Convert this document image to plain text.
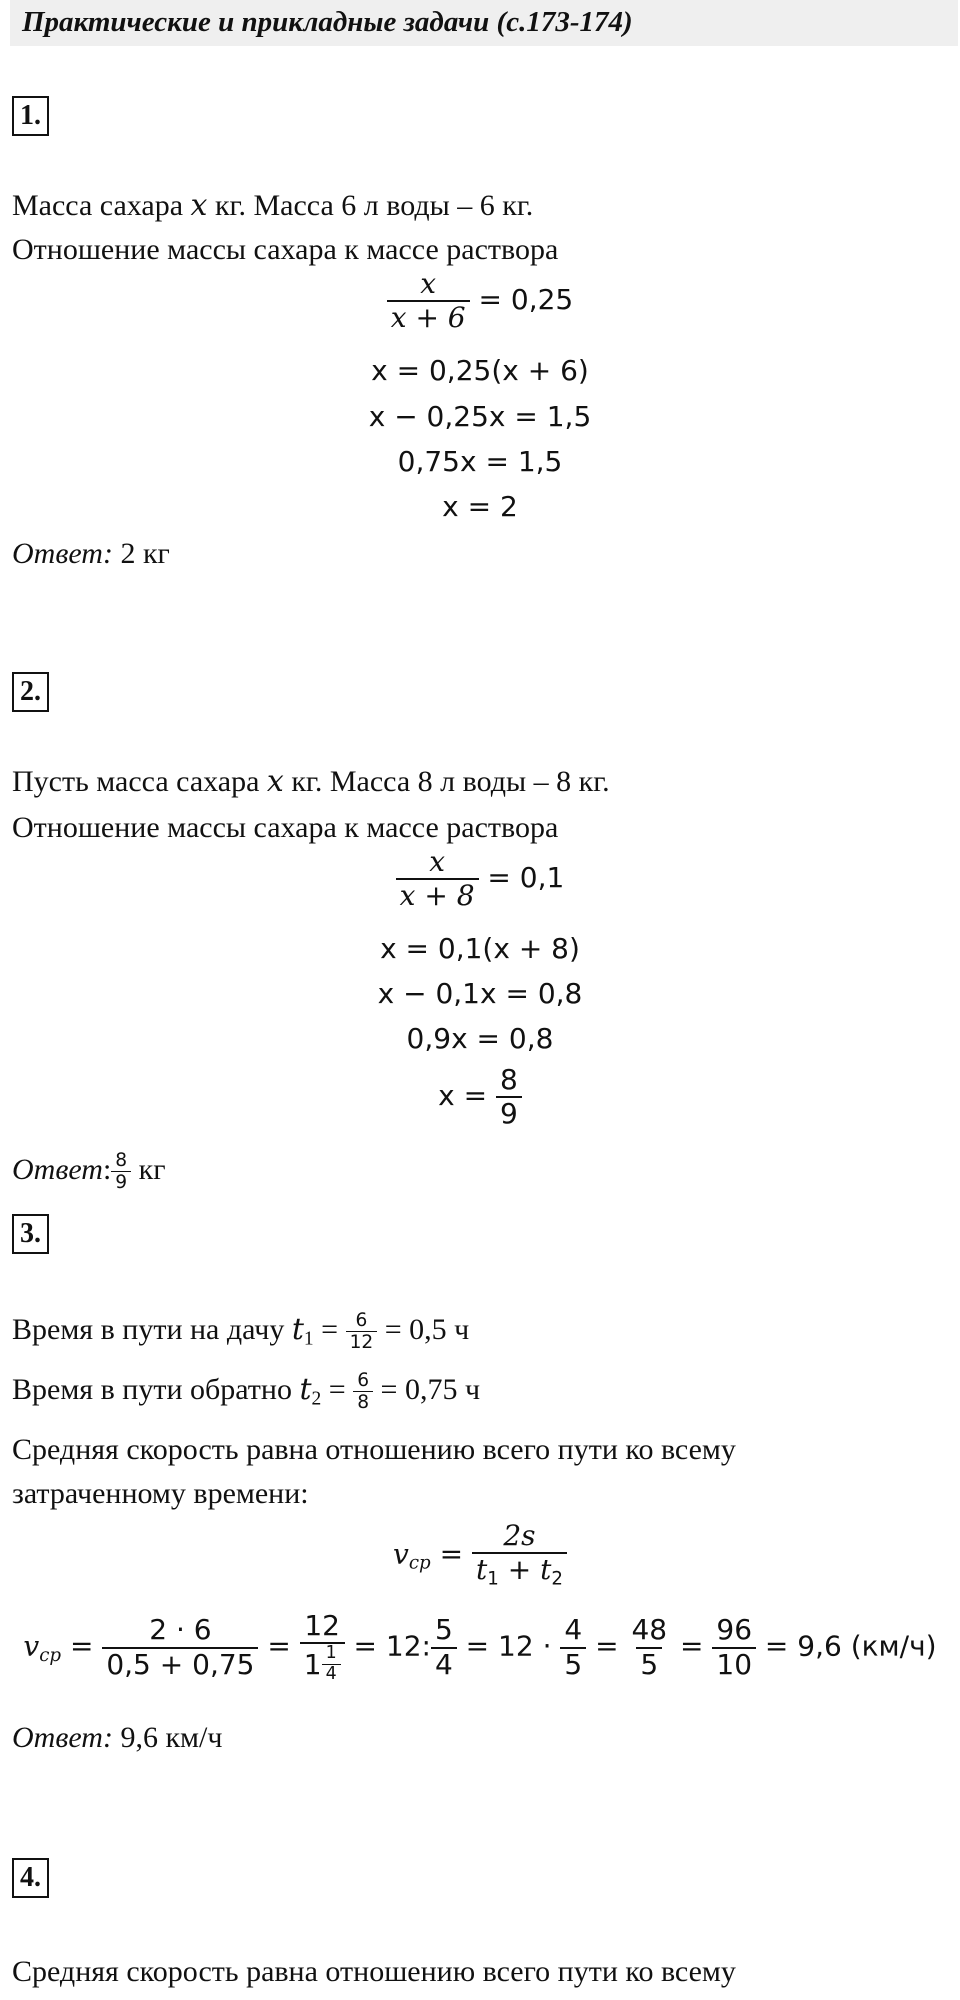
Практические и прикладные задачи (с.173-174)
1.
Масса сахара x кг. Масса 6 л воды – 6 кг.
Отношение массы сахара к массе раствора
$\frac{x}{x + 6} = 0,25$
x = 0,25(x + 6)
x − 0,25x = 1,5
0,75x = 1,5
x = 2
Ответ: 2 кг
2.
Пусть масса сахара x кг. Масса 8 л воды – 8 кг.
Отношение массы сахара к массе раствора
$\frac{x}{x + 8} = 0,1$
x = 0,1(x + 8)
x − 0,1x = 0,8
0,9x = 0,8
$x = \frac{8}{9}$
Ответ: $\frac{8}{9}$ кг
3.
Время в пути на дачу $t_1 = \frac{6}{12} = 0,5$ ч
Время в пути обратно $t_2 = \frac{6}{8} = 0,75$ ч
Средняя скорость равна отношению всего пути ко всему
затраченному времени:
$v_{cp} = \frac{2s}{t_1 + t_2}$
$v_{cp} = \frac{2 \cdot 6}{0,5 + 0,75} = \frac{12}{1 \frac{1}{4}} = 12$: $\frac{5}{4} = 12 \cdot \frac{4}{5} = \frac{48}{5} = \frac{96}{10} = 9,6$ (км/ч)
Ответ: 9,6 км/ч
4.
Средняя скорость равна отношению всего пути ко всему
